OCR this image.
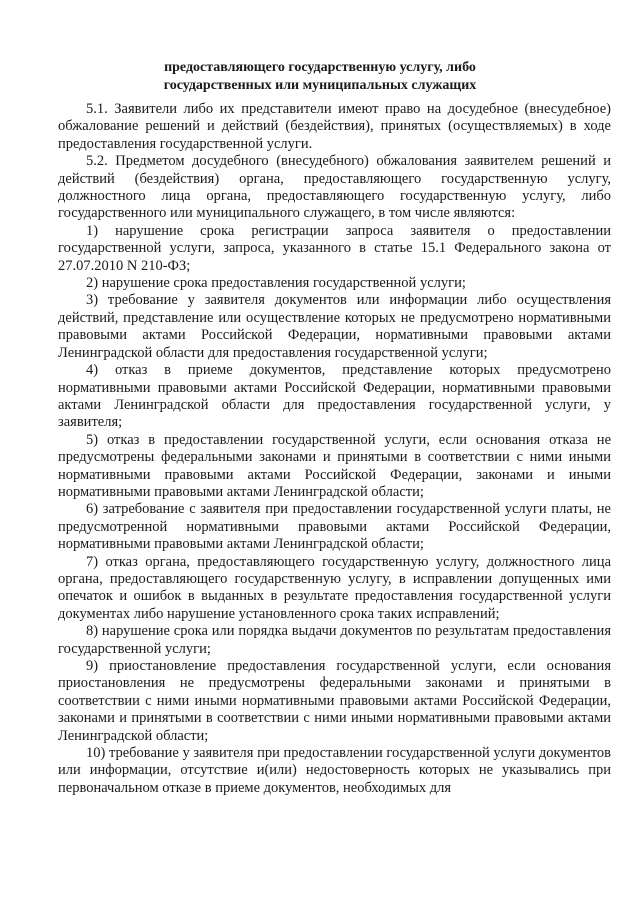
предоставляющего государственную услугу, либо
государственных или муниципальных служащих

5.1. Заявители либо их представители имеют право на досудебное (внесудебное) обжалование решений и действий (бездействия), принятых (осуществляемых) в ходе предоставления государственной услуги.

5.2. Предметом досудебного (внесудебного) обжалования заявителем решений и действий (бездействия) органа, предоставляющего государственную услугу, должностного лица органа, предоставляющего государственную услугу, либо государственного или муниципального служащего, в том числе являются:

1) нарушение срока регистрации запроса заявителя о предоставлении государственной услуги, запроса, указанного в статье 15.1 Федерального закона от 27.07.2010 N 210-ФЗ;

2) нарушение срока предоставления государственной услуги;

3) требование у заявителя документов или информации либо осуществления действий, представление или осуществление которых не предусмотрено нормативными правовыми актами Российской Федерации, нормативными правовыми актами Ленинградской области для предоставления государственной услуги;

4) отказ в приеме документов, представление которых предусмотрено нормативными правовыми актами Российской Федерации, нормативными правовыми актами Ленинградской области для предоставления государственной услуги, у заявителя;

5) отказ в предоставлении государственной услуги, если основания отказа не предусмотрены федеральными законами и принятыми в соответствии с ними иными нормативными правовыми актами Российской Федерации, законами и иными нормативными правовыми актами Ленинградской области;

6) затребование с заявителя при предоставлении государственной услуги платы, не предусмотренной нормативными правовыми актами Российской Федерации, нормативными правовыми актами Ленинградской области;

7) отказ органа, предоставляющего государственную услугу, должностного лица органа, предоставляющего государственную услугу, в исправлении допущенных ими опечаток и ошибок в выданных в результате предоставления государственной услуги документах либо нарушение установленного срока таких исправлений;

8) нарушение срока или порядка выдачи документов по результатам предоставления государственной услуги;

9) приостановление предоставления государственной услуги, если основания приостановления не предусмотрены федеральными законами и принятыми в соответствии с ними иными нормативными правовыми актами Российской Федерации, законами и принятыми в соответствии с ними иными нормативными правовыми актами Ленинградской области;

10) требование у заявителя при предоставлении государственной услуги документов или информации, отсутствие и(или) недостоверность которых не указывались при первоначальном отказе в приеме документов, необходимых для
